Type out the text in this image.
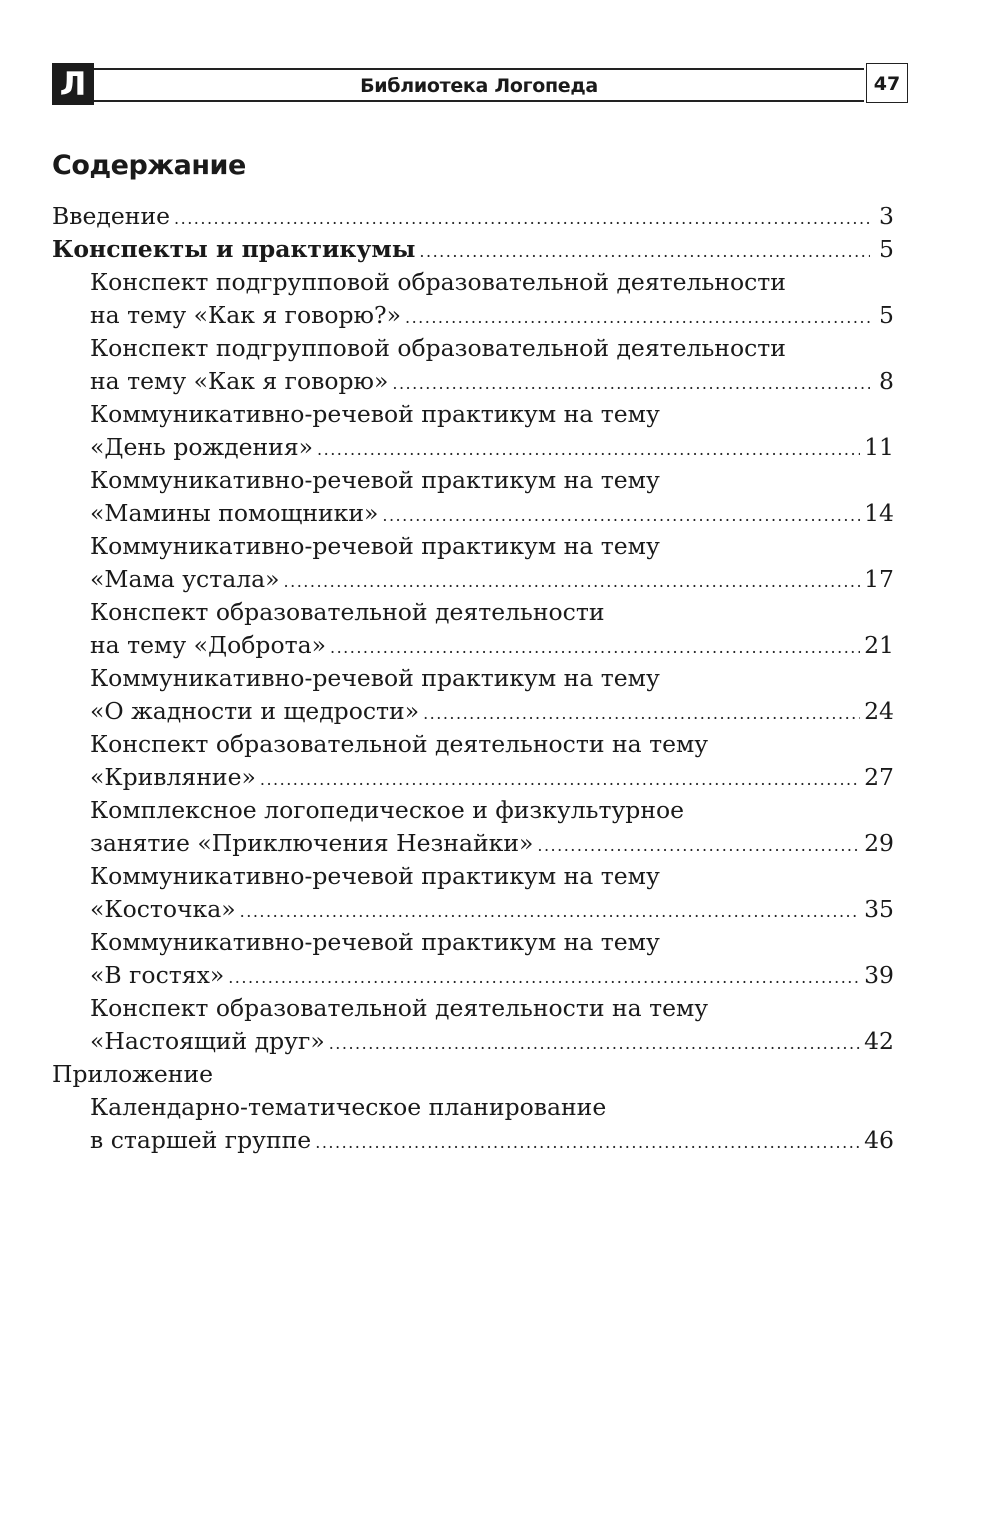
Л	Библиотека Логопеда	47
Содержание
Введение .....	3
Конспекты и практикумы .....	5
Конспект подгрупповой образовательной деятельности
на тему «Как я говорю?» .....	5
Конспект подгрупповой образовательной деятельности
на тему «Как я говорю» .....	8
Коммуникативно-речевой практикум на тему
«День рождения» .....	11
Коммуникативно-речевой практикум на тему
«Мамины помощники» .....	14
Коммуникативно-речевой практикум на тему
«Мама устала» .....	17
Конспект образовательной деятельности
на тему «Доброта» .....	21
Коммуникативно-речевой практикум на тему
«О жадности и щедрости» .....	24
Конспект образовательной деятельности на тему
«Кривляние» .....	27
Комплексное логопедическое и физкультурное
занятие «Приключения Незнайки» .....	29
Коммуникативно-речевой практикум на тему
«Косточка» .....	35
Коммуникативно-речевой практикум на тему
«В гостях» .....	39
Конспект образовательной деятельности на тему
«Настоящий друг» .....	42
Приложение
Календарно-тематическое планирование
в старшей группе .....	46
